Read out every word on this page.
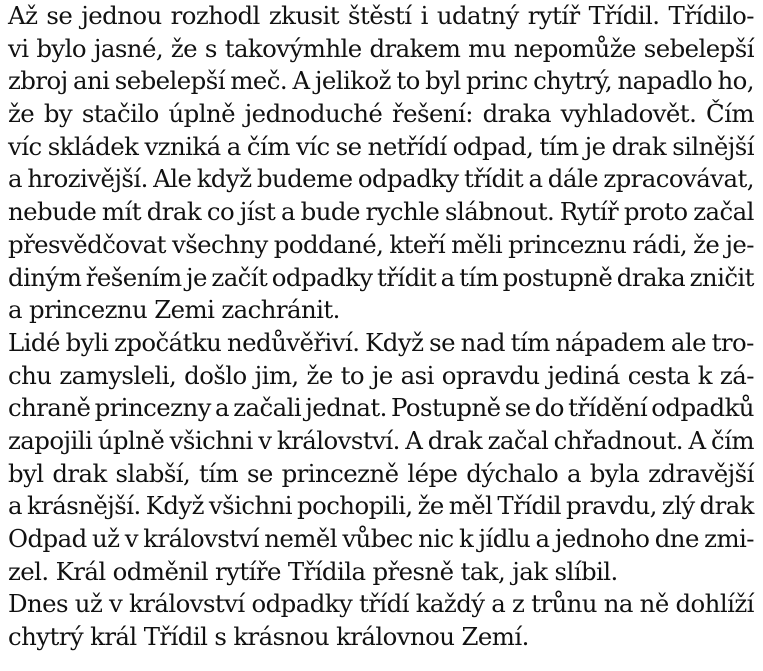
Až se jednou rozhodl zkusit štěstí i udatný rytíř Třídil. Třídilo-
vi bylo jasné, že s takovýmhle drakem mu nepomůže sebelepší
zbroj ani sebelepší meč. A jelikož to byl princ chytrý, napadlo ho,
že by stačilo úplně jednoduché řešení: draka vyhladovět. Čím
víc skládek vzniká a čím víc se netřídí odpad, tím je drak silnější
a hrozivější. Ale když budeme odpadky třídit a dále zpracovávat,
nebude mít drak co jíst a bude rychle slábnout. Rytíř proto začal
přesvědčovat všechny poddané, kteří měli princeznu rádi, že je-
diným řešením je začít odpadky třídit a tím postupně draka zničit
a princeznu Zemi zachránit.
Lidé byli zpočátku nedůvěřiví. Když se nad tím nápadem ale tro-
chu zamysleli, došlo jim, že to je asi opravdu jediná cesta k zá-
chraně princezny a začali jednat. Postupně se do třídění odpadků
zapojili úplně všichni v království. A drak začal chřadnout. A čím
byl drak slabší, tím se princezně lépe dýchalo a byla zdravější
a krásnější. Když všichni pochopili, že měl Třídil pravdu, zlý drak
Odpad už v království neměl vůbec nic k jídlu a jednoho dne zmi-
zel. Král odměnil rytíře Třídila přesně tak, jak slíbil.
Dnes už v království odpadky třídí každý a z trůnu na ně dohlíží
chytrý král Třídil s krásnou královnou Zemí.
